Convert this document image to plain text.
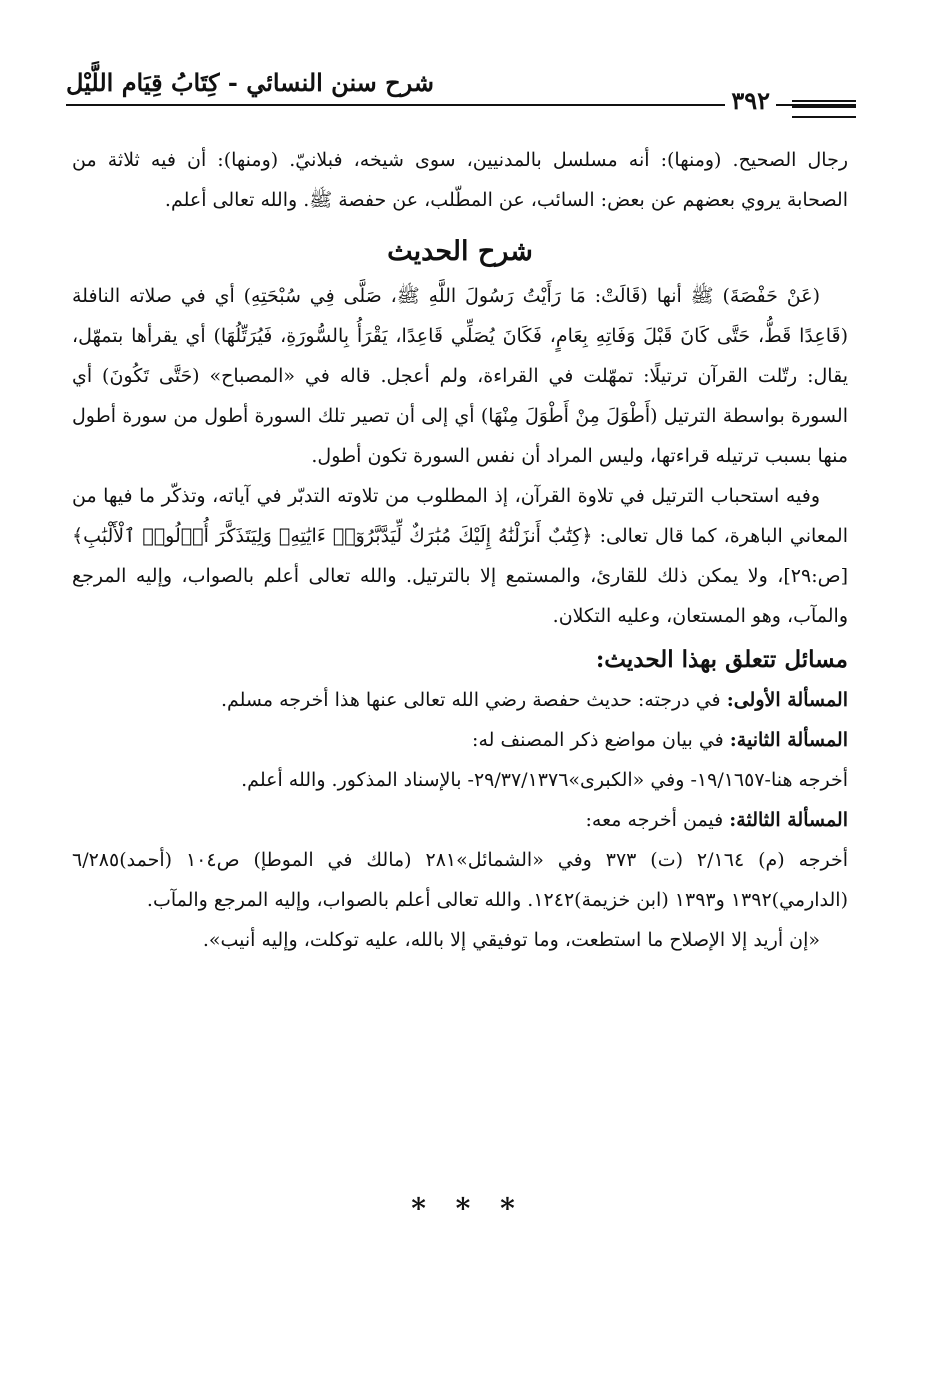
٣٩٢
شرح سنن النسائي - كِتَابُ قِيَام اللَّيْل

رجال الصحيح. (ومنها): أنه مسلسل بالمدنيين، سوى شيخه، فبلانيّ. (ومنها): أن فيه ثلاثة من الصحابة يروي بعضهم عن بعض: السائب، عن المطّلب، عن حفصة ﷺ. والله تعالى أعلم.

شرح الحديث

(عَنْ حَفْصَةَ) ﷺ أنها (قَالَتْ: مَا رَأَيْتُ رَسُولَ اللَّهِ ﷺ، صَلَّى فِي سُبْحَتِهِ) أي في صلاته النافلة (قَاعِدًا قَطُّ، حَتَّى كَانَ قَبْلَ وَفَاتِهِ بِعَامٍ، فَكَانَ يُصَلِّي قَاعِدًا، يَقْرَأُ بِالسُّورَةِ، فَيُرَتِّلُهَا) أي يقرأها بتمهّل، يقال: رتّلت القرآن ترتيلًا: تمهّلت في القراءة، ولم أعجل. قاله في «المصباح» (حَتَّى تَكُونَ) أي السورة بواسطة الترتيل (أَطْوَلَ مِنْ أَطْوَلَ مِنْهَا) أي إلى أن تصير تلك السورة أطول من سورة أطول منها بسبب ترتيله قراءتها، وليس المراد أن نفس السورة تكون أطول.

وفيه استحباب الترتيل في تلاوة القرآن، إذ المطلوب من تلاوته التدبّر في آياته، وتذكّر ما فيها من المعاني الباهرة، كما قال تعالى: ﴿كِتَٰبٌ أَنزَلْنَٰهُ إِلَيْكَ مُبَٰرَكٌ لِّيَدَّبَّرُوٓا۟ ءَايَٰتِهِۦ وَلِيَتَذَكَّرَ أُو۟لُوا۟ ٱلْأَلْبَٰبِ﴾ [ص:٢٩]، ولا يمكن ذلك للقارئ، والمستمع إلا بالترتيل. والله تعالى أعلم بالصواب، وإليه المرجع والمآب، وهو المستعان، وعليه التكلان.

مسائل تتعلق بهذا الحديث:

المسألة الأولى: في درجته: حديث حفصة رضي الله تعالى عنها هذا أخرجه مسلم.

المسألة الثانية: في بيان مواضع ذكر المصنف له:

أخرجه هنا-١٩/١٦٥٧- وفي «الكبرى»٢٩/٣٧/١٣٧٦- بالإسناد المذكور. والله أعلم.

المسألة الثالثة: فيمن أخرجه معه:

أخرجه (م) ٢/١٦٤ (ت) ٣٧٣ وفي «الشمائل»٢٨١ (مالك في الموطإ) ص١٠٤ (أحمد)٦/٢٨٥ (الدارمي)١٣٩٢ و١٣٩٣ (ابن خزيمة)١٢٤٢. والله تعالى أعلم بالصواب، وإليه المرجع والمآب.

«إن أريد إلا الإصلاح ما استطعت، وما توفيقي إلا بالله، عليه توكلت، وإليه أنيب».

* * *
